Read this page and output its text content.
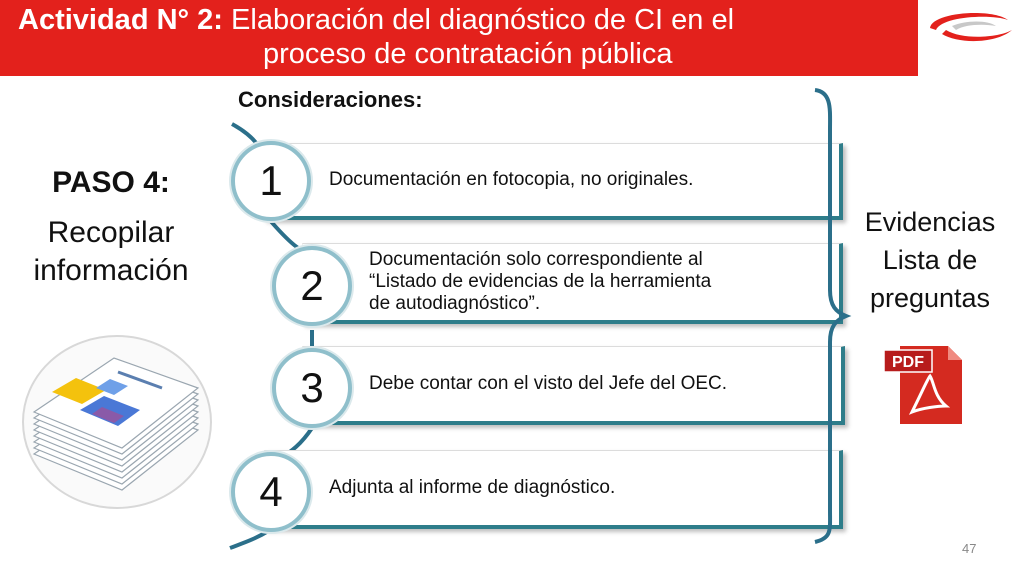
Actividad N° 2: Elaboración del diagnóstico de CI en el
proceso de contratación pública
Consideraciones:
PASO 4:
Recopilar
información
Documentación en fotocopia, no originales.
Documentación solo correspondiente al
“Listado de evidencias de la herramienta
de autodiagnóstico”.
Debe contar con el visto del Jefe del OEC.
Adjunta al informe de diagnóstico.
1
2
3
4
Evidencias
Lista de
preguntas
PDF
47
